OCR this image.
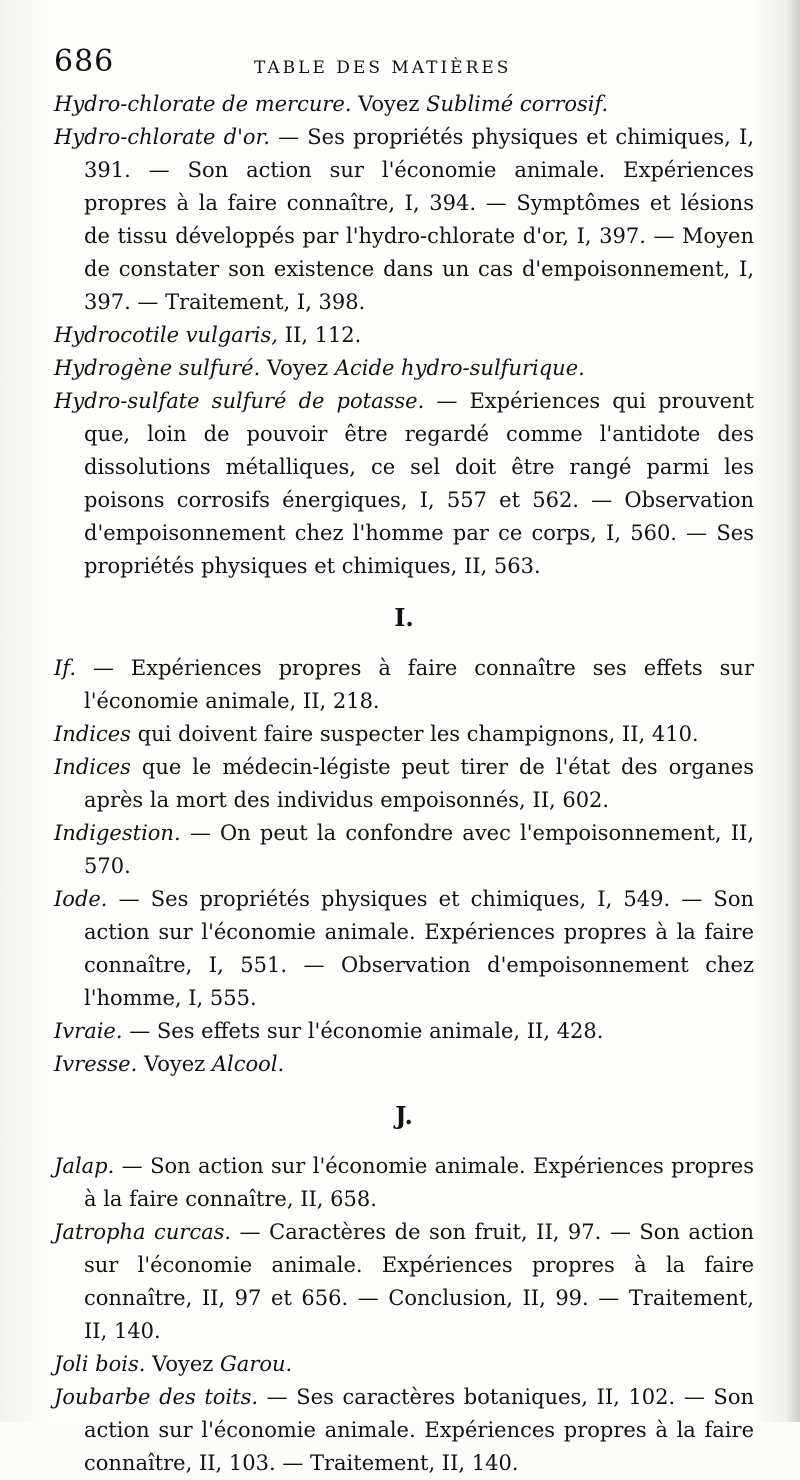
686	TABLE DES MATIÈRES

Hydro-chlorate de mercure. Voyez Sublimé corrosif.

Hydro-chlorate d'or. — Ses propriétés physiques et chimiques, I, 391. — Son action sur l'économie animale. Expériences propres à la faire connaître, I, 394. — Symptômes et lésions de tissu développés par l'hydro-chlorate d'or, I, 397. — Moyen de constater son existence dans un cas d'empoisonnement, I, 397. — Traitement, I, 398.

Hydrocotile vulgaris, II, 112.

Hydrogène sulfuré. Voyez Acide hydro-sulfurique.

Hydro-sulfate sulfuré de potasse. — Expériences qui prouvent que, loin de pouvoir être regardé comme l'antidote des dissolutions métalliques, ce sel doit être rangé parmi les poisons corrosifs énergiques, I, 557 et 562. — Observation d'empoisonnement chez l'homme par ce corps, I, 560. — Ses propriétés physiques et chimiques, II, 563.

I.

If. — Expériences propres à faire connaître ses effets sur l'économie animale, II, 218.

Indices qui doivent faire suspecter les champignons, II, 410.

Indices que le médecin-légiste peut tirer de l'état des organes après la mort des individus empoisonnés, II, 602.

Indigestion. — On peut la confondre avec l'empoisonnement, II, 570.

Iode. — Ses propriétés physiques et chimiques, I, 549. — Son action sur l'économie animale. Expériences propres à la faire connaître, I, 551. — Observation d'empoisonnement chez l'homme, I, 555.

Ivraie. — Ses effets sur l'économie animale, II, 428.

Ivresse. Voyez Alcool.

J.

Jalap. — Son action sur l'économie animale. Expériences propres à la faire connaître, II, 658.

Jatropha curcas. — Caractères de son fruit, II, 97. — Son action sur l'économie animale. Expériences propres à la faire connaître, II, 97 et 656. — Conclusion, II, 99. — Traitement, II, 140.

Joli bois. Voyez Garou.

Joubarbe des toits. — Ses caractères botaniques, II, 102. — Son action sur l'économie animale. Expériences propres à la faire connaître, II, 103. — Traitement, II, 140.
